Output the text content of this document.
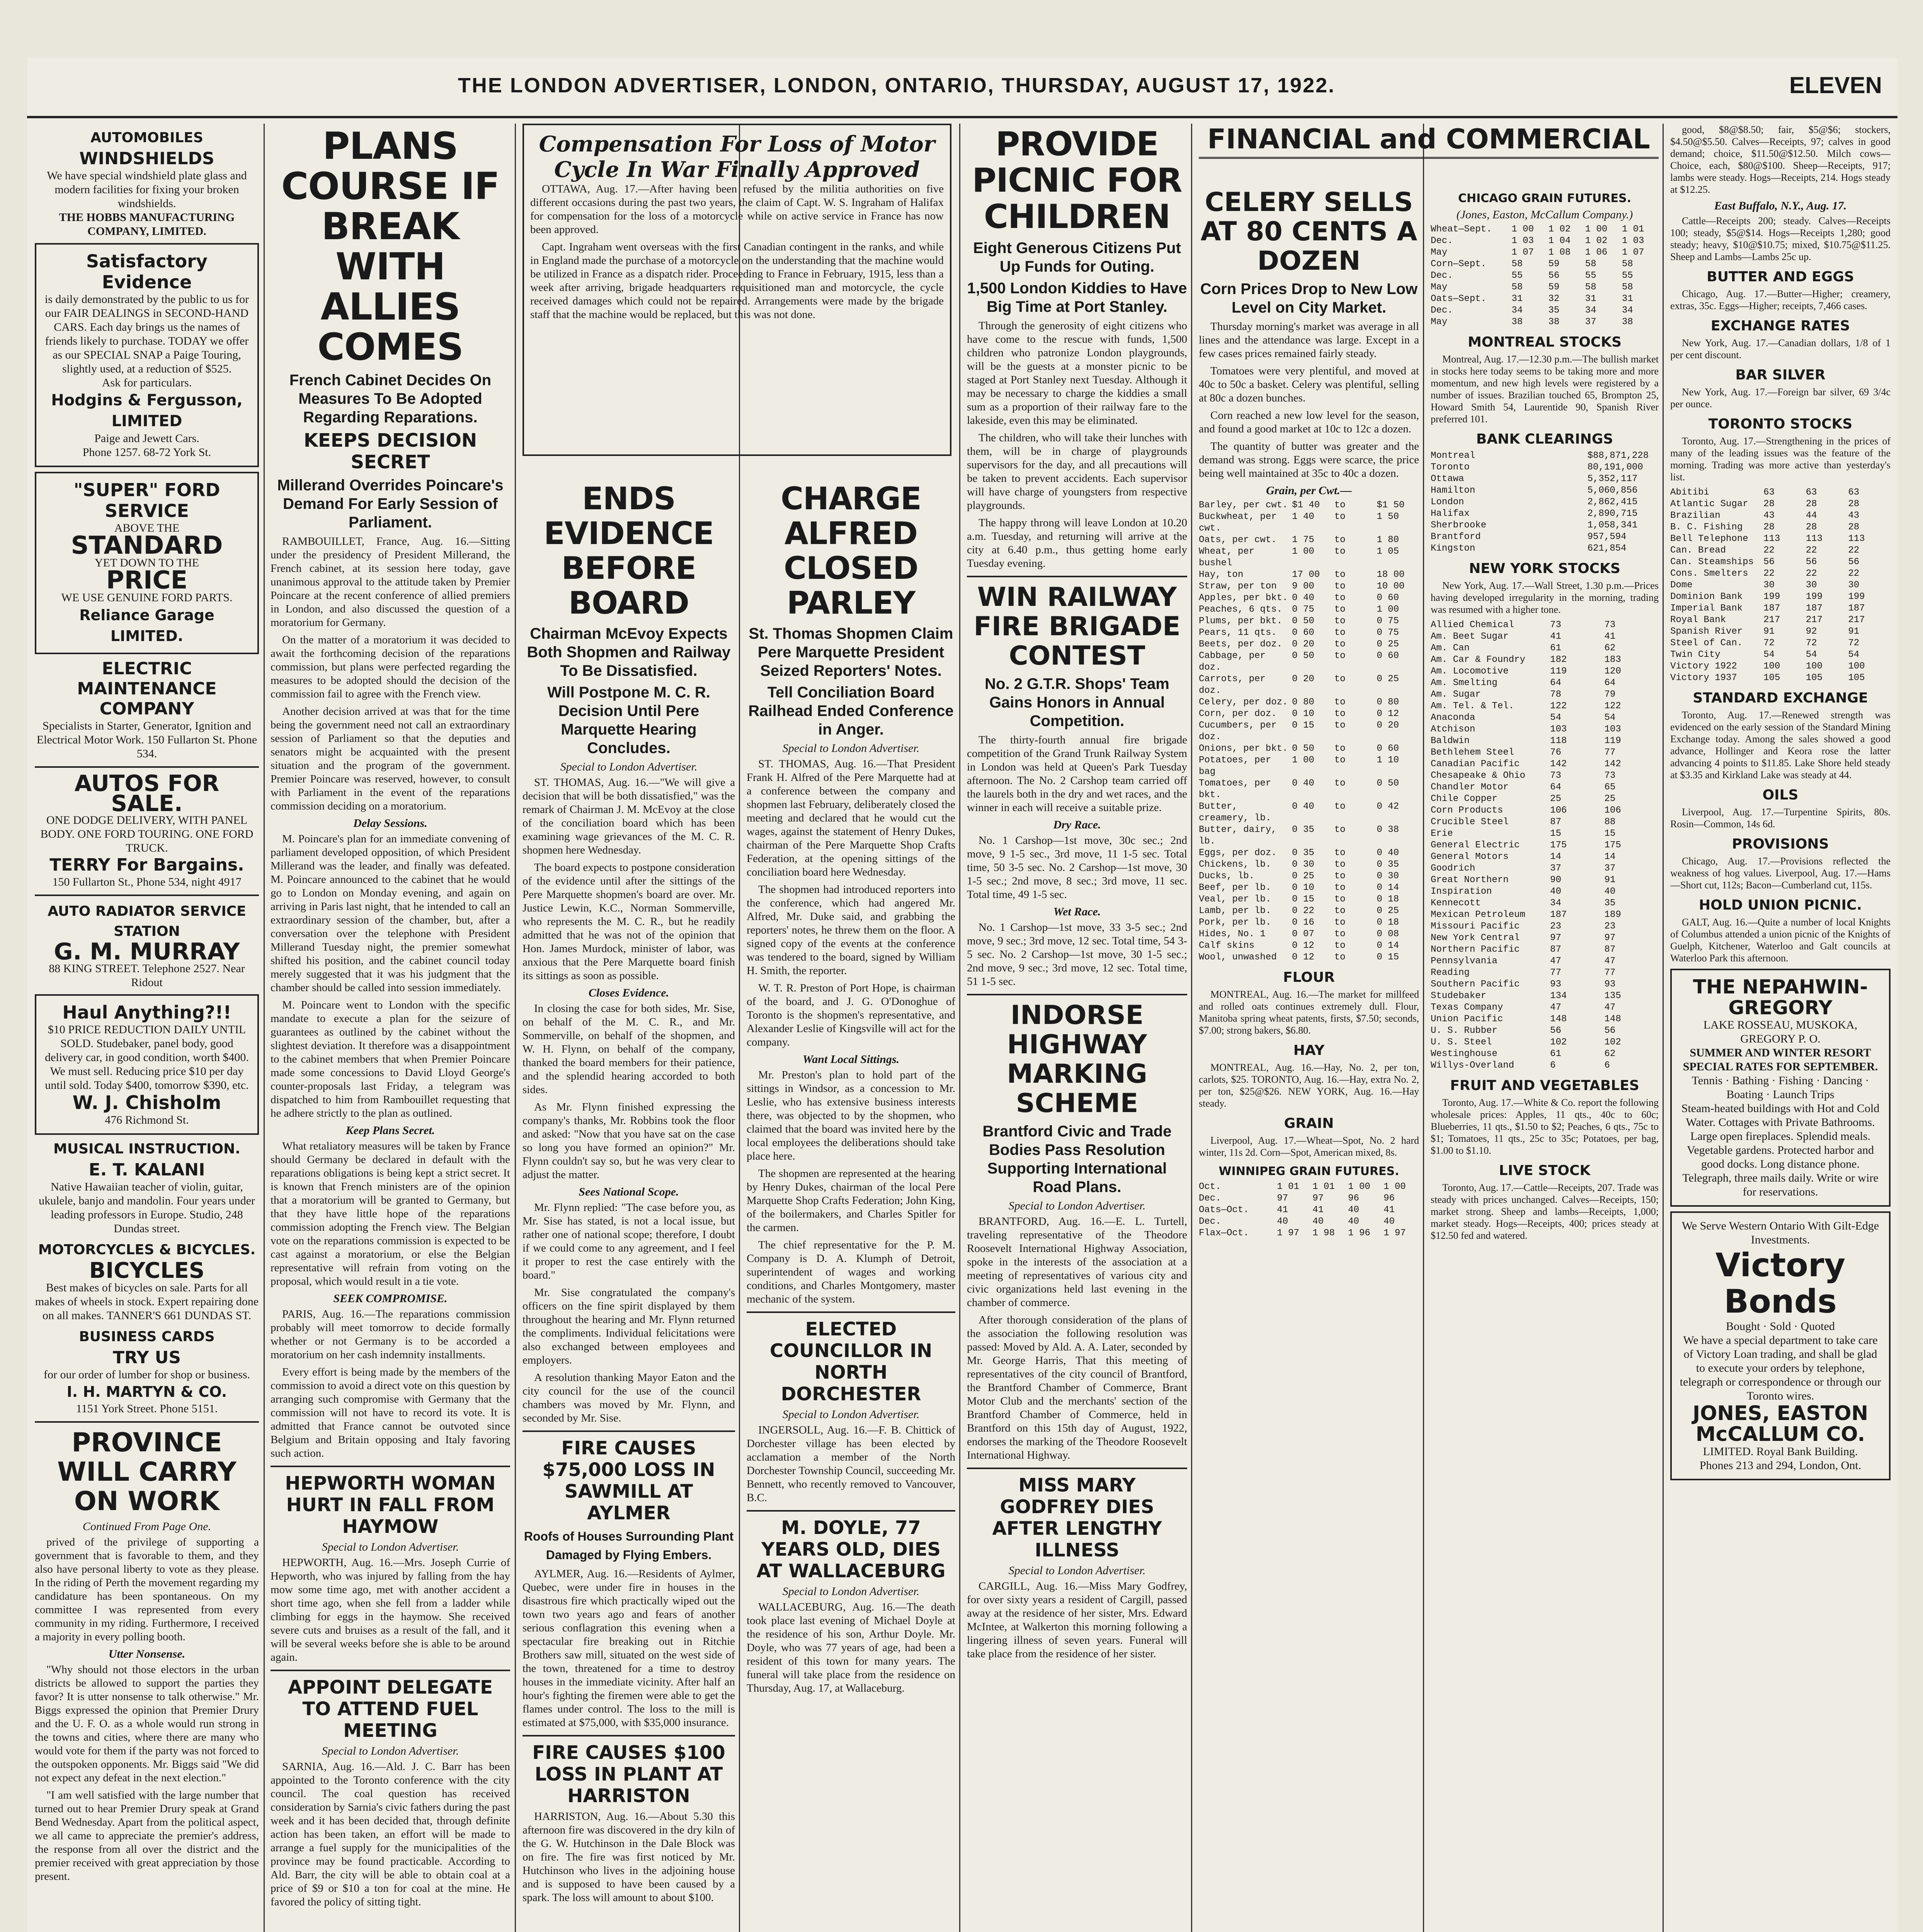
THE LONDON ADVERTISER, LONDON, ONTARIO, THURSDAY, AUGUST 17, 1922.	ELEVEN
AUTOMOBILES
WINDSHIELDS
We have special windshield plate glass and modern facilities for fixing your broken windshields.
THE HOBBS MANUFACTURING COMPANY, LIMITED.
Satisfactory Evidence
is daily demonstrated by the public to us for our FAIR DEALINGS in SECOND-HAND CARS. Each day brings us the names of friends likely to purchase. TODAY we offer as our SPECIAL SNAP a Paige Touring, slightly used, at a reduction of $525.
Ask for particulars.
Hodgins & Fergusson, LIMITED
Paige and Jewett Cars.
Phone 1257. 68-72 York St.
"SUPER" FORD SERVICE
ABOVE THE
STANDARD
YET DOWN TO THE
PRICE
WE USE GENUINE FORD PARTS.
Reliance Garage LIMITED.
ELECTRIC MAINTENANCE COMPANY
Specialists in Starter, Generator, Ignition and Electrical Motor Work. 150 Fullarton St. Phone 534.
AUTOS FOR SALE.
ONE DODGE DELIVERY, WITH PANEL BODY. ONE FORD TOURING. ONE FORD TRUCK.
TERRY For Bargains.
150 Fullarton St., Phone 534, night 4917
AUTO RADIATOR SERVICE STATION
G. M. MURRAY
88 KING STREET. Telephone 2527. Near Ridout
Haul Anything?!!
$10 PRICE REDUCTION DAILY UNTIL SOLD. Studebaker, panel body, good delivery car, in good condition, worth $400. We must sell. Reducing price $10 per day until sold. Today $400, tomorrow $390, etc.
W. J. Chisholm
476 Richmond St.
MUSICAL INSTRUCTION.
E. T. KALANI
Native Hawaiian teacher of violin, guitar, ukulele, banjo and mandolin. Four years under leading professors in Europe. Studio, 248 Dundas street.
MOTORCYCLES & BICYCLES.
BICYCLES
Best makes of bicycles on sale. Parts for all makes of wheels in stock. Expert repairing done on all makes. TANNER'S 661 DUNDAS ST.
BUSINESS CARDS
TRY US
for our order of lumber for shop or business.
I. H. MARTYN & CO.
1151 York Street. Phone 5151.
PROVINCE WILL CARRY ON WORK
Continued From Page One.

prived of the privilege of supporting a government that is favorable to them, and they also have personal liberty to vote as they please. In the riding of Perth the movement regarding my candidature has been spontaneous. On my committee I was represented from every community in my riding. Furthermore, I received a majority in every polling booth.

Utter Nonsense.

"Why should not those electors in the urban districts be allowed to support the parties they favor? It is utter nonsense to talk otherwise." Mr. Biggs expressed the opinion that Premier Drury and the U. F. O. as a whole would run strong in the towns and cities, where there are many who would vote for them if the party was not forced to the outspoken opponents. Mr. Biggs said "We did not expect any defeat in the next election."

"I am well satisfied with the large number that turned out to hear Premier Drury speak at Grand Bend Wednesday. Apart from the political aspect, we all came to appreciate the premier's address, the response from all over the district and the premier received with great appreciation by those present.

PLANS COURSE IF BREAK WITH ALLIES COMES
French Cabinet Decides On Measures To Be Adopted Regarding Reparations.
KEEPS DECISION SECRET
Millerand Overrides Poincare's Demand For Early Session of Parliament.

RAMBOUILLET, France, Aug. 16.—Sitting under the presidency of President Millerand, the French cabinet, at its session here today, gave unanimous approval to the attitude taken by Premier Poincare at the recent conference of allied premiers in London, and also discussed the question of a moratorium for Germany.

On the matter of a moratorium it was decided to await the forthcoming decision of the reparations commission, but plans were perfected regarding the measures to be adopted should the decision of the commission fail to agree with the French view.

Another decision arrived at was that for the time being the government need not call an extraordinary session of Parliament so that the deputies and senators might be acquainted with the present situation and the program of the government. Premier Poincare was reserved, however, to consult with Parliament in the event of the reparations commission deciding on a moratorium.

Delay Sessions.

M. Poincare's plan for an immediate convening of parliament developed opposition, of which President Millerand was the leader, and finally was defeated. M. Poincare announced to the cabinet that he would go to London on Monday evening, and again on arriving in Paris last night, that he intended to call an extraordinary session of the chamber, but, after a conversation over the telephone with President Millerand Tuesday night, the premier somewhat shifted his position, and the cabinet council today merely suggested that it was his judgment that the chamber should be called into session immediately.

M. Poincare went to London with the specific mandate to execute a plan for the seizure of guarantees as outlined by the cabinet without the slightest deviation. It therefore was a disappointment to the cabinet members that when Premier Poincare made some concessions to David Lloyd George's counter-proposals last Friday, a telegram was dispatched to him from Rambouillet requesting that he adhere strictly to the plan as outlined.

Keep Plans Secret.

What retaliatory measures will be taken by France should Germany be declared in default with the reparations obligations is being kept a strict secret. It is known that French ministers are of the opinion that a moratorium will be granted to Germany, but that they have little hope of the reparations commission adopting the French view. The Belgian vote on the reparations commission is expected to be cast against a moratorium, or else the Belgian representative will refrain from voting on the proposal, which would result in a tie vote.

SEEK COMPROMISE.

PARIS, Aug. 16.—The reparations commission probably will meet tomorrow to decide formally whether or not Germany is to be accorded a moratorium on her cash indemnity installments.

Every effort is being made by the members of the commission to avoid a direct vote on this question by arranging such compromise with Germany that the commission will not have to record its vote. It is admitted that France cannot be outvoted since Belgium and Britain opposing and Italy favoring such action.

HEPWORTH WOMAN HURT IN FALL FROM HAYMOW
Special to London Advertiser.

HEPWORTH, Aug. 16.—Mrs. Joseph Currie of Hepworth, who was injured by falling from the hay mow some time ago, met with another accident a short time ago, when she fell from a ladder while climbing for eggs in the haymow. She received severe cuts and bruises as a result of the fall, and it will be several weeks before she is able to be around again.

APPOINT DELEGATE TO ATTEND FUEL MEETING
Special to London Advertiser.

SARNIA, Aug. 16.—Ald. J. C. Barr has been appointed to the Toronto conference with the city council. The coal question has received consideration by Sarnia's civic fathers during the past week and it has been decided that, through definite action has been taken, an effort will be made to arrange a fuel supply for the municipalities of the province may be found practicable. According to Ald. Barr, the city will be able to obtain coal at a price of $9 or $10 a ton for coal at the mine. He favored the policy of sitting tight.

Compensation For Loss of Motor Cycle In War Finally Approved

OTTAWA, Aug. 17.—After having been refused by the militia authorities on five different occasions during the past two years, the claim of Capt. W. S. Ingraham of Halifax for compensation for the loss of a motorcycle while on active service in France has now been approved.

Capt. Ingraham went overseas with the first Canadian contingent in the ranks, and while in England made the purchase of a motorcycle on the understanding that the machine would be utilized in France as a dispatch rider. Proceeding to France in February, 1915, less than a week after arriving, brigade headquarters requisitioned man and motorcycle, the cycle received damages which could not be repaired. Arrangements were made by the brigade staff that the machine would be replaced, but this was not done.

ENDS EVIDENCE BEFORE BOARD
Chairman McEvoy Expects Both Shopmen and Railway To Be Dissatisfied.
Will Postpone M. C. R. Decision Until Pere Marquette Hearing Concludes.
Special to London Advertiser.

ST. THOMAS, Aug. 16.—"We will give a decision that will be both dissatisfied," was the remark of Chairman J. M. McEvoy at the close of the conciliation board which has been examining wage grievances of the M. C. R. shopmen here Wednesday.

The board expects to postpone consideration of the evidence until after the sittings of the Pere Marquette shopmen's board are over. Mr. Justice Lewin, K.C., Norman Sommerville, who represents the M. C. R., but he readily admitted that he was not of the opinion that Hon. James Murdock, minister of labor, was anxious that the Pere Marquette board finish its sittings as soon as possible.

Closes Evidence.

In closing the case for both sides, Mr. Sise, on behalf of the M. C. R., and Mr. Sommerville, on behalf of the shopmen, and W. H. Flynn, on behalf of the company, thanked the board members for their patience, and the splendid hearing accorded to both sides.

As Mr. Flynn finished expressing the company's thanks, Mr. Robbins took the floor and asked: "Now that you have sat on the case so long you have formed an opinion?" Mr. Flynn couldn't say so, but he was very clear to adjust the matter.

Sees National Scope.

Mr. Flynn replied: "The case before you, as Mr. Sise has stated, is not a local issue, but rather one of national scope; therefore, I doubt if we could come to any agreement, and I feel it proper to rest the case entirely with the board."

Mr. Sise congratulated the company's officers on the fine spirit displayed by them throughout the hearing and Mr. Flynn returned the compliments. Individual felicitations were also exchanged between employees and employers.

A resolution thanking Mayor Eaton and the city council for the use of the council chambers was moved by Mr. Flynn, and seconded by Mr. Sise.

FIRE CAUSES $75,000 LOSS IN SAWMILL AT AYLMER
Roofs of Houses Surrounding Plant Damaged by Flying Embers.

AYLMER, Aug. 16.—Residents of Aylmer, Quebec, were under fire in houses in the disastrous fire which practically wiped out the town two years ago and fears of another serious conflagration this evening when a spectacular fire breaking out in Ritchie Brothers saw mill, situated on the west side of the town, threatened for a time to destroy houses in the immediate vicinity. After half an hour's fighting the firemen were able to get the flames under control. The loss to the mill is estimated at $75,000, with $35,000 insurance.

FIRE CAUSES $100 LOSS IN PLANT AT HARRISTON

HARRISTON, Aug. 16.—About 5.30 this afternoon fire was discovered in the dry kiln of the G. W. Hutchinson in the Dale Block was on fire. The fire was first noticed by Mr. Hutchinson who lives in the adjoining house and is supposed to have been caused by a spark. The loss will amount to about $100.

CHARGE ALFRED CLOSED PARLEY
St. Thomas Shopmen Claim Pere Marquette President Seized Reporters' Notes.
Tell Conciliation Board Railhead Ended Conference in Anger.
Special to London Advertiser.

ST. THOMAS, Aug. 16.—That President Frank H. Alfred of the Pere Marquette had at a conference between the company and shopmen last February, deliberately closed the meeting and declared that he would cut the wages, against the statement of Henry Dukes, chairman of the Pere Marquette Shop Crafts Federation, at the opening sittings of the conciliation board here Wednesday.

The shopmen had introduced reporters into the conference, which had angered Mr. Alfred, Mr. Duke said, and grabbing the reporters' notes, he threw them on the floor. A signed copy of the events at the conference was tendered to the board, signed by William H. Smith, the reporter.

W. T. R. Preston of Port Hope, is chairman of the board, and J. G. O'Donoghue of Toronto is the shopmen's representative, and Alexander Leslie of Kingsville will act for the company.

Want Local Sittings.

Mr. Preston's plan to hold part of the sittings in Windsor, as a concession to Mr. Leslie, who has extensive business interests there, was objected to by the shopmen, who claimed that the board was invited here by the local employees the deliberations should take place here.

The shopmen are represented at the hearing by Henry Dukes, chairman of the local Pere Marquette Shop Crafts Federation; John King, of the boilermakers, and Charles Spitler for the carmen.

The chief representative for the P. M. Company is D. A. Klumph of Detroit, superintendent of wages and working conditions, and Charles Montgomery, master mechanic of the system.

ELECTED COUNCILLOR IN NORTH DORCHESTER
Special to London Advertiser.

INGERSOLL, Aug. 16.—F. B. Chittick of Dorchester village has been elected by acclamation a member of the North Dorchester Township Council, succeeding Mr. Bennett, who recently removed to Vancouver, B.C.

M. DOYLE, 77 YEARS OLD, DIES AT WALLACEBURG
Special to London Advertiser.

WALLACEBURG, Aug. 16.—The death took place last evening of Michael Doyle at the residence of his son, Arthur Doyle. Mr. Doyle, who was 77 years of age, had been a resident of this town for many years. The funeral will take place from the residence on Thursday, Aug. 17, at Wallaceburg.

PROVIDE PICNIC FOR CHILDREN
Eight Generous Citizens Put Up Funds for Outing.
1,500 London Kiddies to Have Big Time at Port Stanley.

Through the generosity of eight citizens who have come to the rescue with funds, 1,500 children who patronize London playgrounds, will be the guests at a monster picnic to be staged at Port Stanley next Tuesday. Although it may be necessary to charge the kiddies a small sum as a proportion of their railway fare to the lakeside, even this may be eliminated.

The children, who will take their lunches with them, will be in charge of playgrounds supervisors for the day, and all precautions will be taken to prevent accidents. Each supervisor will have charge of youngsters from respective playgrounds.

The happy throng will leave London at 10.20 a.m. Tuesday, and returning will arrive at the city at 6.40 p.m., thus getting home early Tuesday evening.

WIN RAILWAY FIRE BRIGADE CONTEST
No. 2 G.T.R. Shops' Team Gains Honors in Annual Competition.

The thirty-fourth annual fire brigade competition of the Grand Trunk Railway System in London was held at Queen's Park Tuesday afternoon. The No. 2 Carshop team carried off the laurels both in the dry and wet races, and the winner in each will receive a suitable prize.

Dry Race.

No. 1 Carshop—1st move, 30c sec.; 2nd move, 9 1-5 sec., 3rd move, 11 1-5 sec. Total time, 50 3-5 sec. No. 2 Carshop—1st move, 30 1-5 sec.; 2nd move, 8 sec.; 3rd move, 11 sec. Total time, 49 1-5 sec.

Wet Race.

No. 1 Carshop—1st move, 33 3-5 sec.; 2nd move, 9 sec.; 3rd move, 12 sec. Total time, 54 3-5 sec. No. 2 Carshop—1st move, 30 1-5 sec.; 2nd move, 9 sec.; 3rd move, 12 sec. Total time, 51 1-5 sec.

INDORSE HIGHWAY MARKING SCHEME
Brantford Civic and Trade Bodies Pass Resolution Supporting International Road Plans.
Special to London Advertiser.

BRANTFORD, Aug. 16.—E. L. Turtell, traveling representative of the Theodore Roosevelt International Highway Association, spoke in the interests of the association at a meeting of representatives of various city and civic organizations held last evening in the chamber of commerce.

After thorough consideration of the plans of the association the following resolution was passed: Moved by Ald. A. A. Later, seconded by Mr. George Harris, That this meeting of representatives of the city council of Brantford, the Brantford Chamber of Commerce, Brant Motor Club and the merchants' section of the Brantford Chamber of Commerce, held in Brantford on this 15th day of August, 1922, endorses the marking of the Theodore Roosevelt International Highway.

MISS MARY GODFREY DIES AFTER LENGTHY ILLNESS
Special to London Advertiser.

CARGILL, Aug. 16.—Miss Mary Godfrey, for over sixty years a resident of Cargill, passed away at the residence of her sister, Mrs. Edward McIntee, at Walkerton this morning following a lingering illness of seven years. Funeral will take place from the residence of her sister.

FINANCIAL and COMMERCIAL
CELERY SELLS AT 80 CENTS A DOZEN
Corn Prices Drop to New Low Level on City Market.

Thursday morning's market was average in all lines and the attendance was large. Except in a few cases prices remained fairly steady.

Tomatoes were very plentiful, and moved at 40c to 50c a basket. Celery was plentiful, selling at 80c a dozen bunches.

Corn reached a new low level for the season, and found a good market at 10c to 12c a dozen.

The quantity of butter was greater and the demand was strong. Eggs were scarce, the price being well maintained at 35c to 40c a dozen.

Grain, per Cwt.—
Barley, per cwt. $1 40	to	$1 50
Buckwheat, per cwt.
1 40	to	1 50
Oats, per cwt.	1 75	to	1 80
Wheat, per bushel
1 00	to	1 05
Hay, ton	17 00	to	18 00
Straw, per ton	9 00	to	10 00
Apples, per bkt. 0 40	to	0 60
Peaches, 6 qts.	0 75	to	1 00
Plums, per bkt.	0 50	to	0 75
Pears, 11 qts.	0 60	to	0 75
Beets, per doz.	0 20	to	0 25
Cabbage, per doz.
0 50	to	0 60
Carrots, per doz.
0 20	to	0 25
Celery, per doz. 0 80	to	0 80
Corn, per doz.	0 10	to	0 12
Cucumbers, per doz.
0 15	to	0 20
Onions, per bkt. 0 50	to	0 60
Potatoes, per bag
1 00	to	1 10
Tomatoes, per bkt.
0 40	to	0 50
Butter, creamery, lb.
0 40	to	0 42
Butter, dairy, lb.
0 35	to	0 38
Eggs, per doz.	0 35	to	0 40
Chickens, lb.	0 30	to	0 35
Ducks, lb.	0 25	to	0 30
Beef, per lb.	0 10	to	0 14
Veal, per lb.	0 15	to	0 18
Lamb, per lb.	0 22	to	0 25
Pork, per lb.	0 16	to	0 18
Hides, No. 1	0 07	to	0 08
Calf skins	0 12	to	0 14
Wool, unwashed	0 12	to	0 15
FLOUR

MONTREAL, Aug. 16.—The market for millfeed and rolled oats continues extremely dull. Flour, Manitoba spring wheat patents, firsts, $7.50; seconds, $7.00; strong bakers, $6.80.

HAY

MONTREAL, Aug. 16.—Hay, No. 2, per ton, carlots, $25. TORONTO, Aug. 16.—Hay, extra No. 2, per ton, $25@$26. NEW YORK, Aug. 16.—Hay steady.

GRAIN

Liverpool, Aug. 17.—Wheat—Spot, No. 2 hard winter, 11s 2d. Corn—Spot, American mixed, 8s.

WINNIPEG GRAIN FUTURES.
Oct.	1 01	1 01	1 00	1 00
Dec.	97	97	96	96
Oats—Oct.	41	41	40	41
Dec.	40	40	40	40
Flax—Oct.	1 97	1 98	1 96	1 97
CHICAGO GRAIN FUTURES.
(Jones, Easton, McCallum Company.)
Wheat—Sept.	1 00	1 02	1 00	1 01
Dec.	1 03	1 04	1 02	1 03
May	1 07	1 08	1 06	1 07
Corn—Sept.	58	59	58	58
Dec.	55	56	55	55
May	58	59	58	58
Oats—Sept.	31	32	31	31
Dec.	34	35	34	34
May	38	38	37	38
MONTREAL STOCKS

Montreal, Aug. 17.—12.30 p.m.—The bullish market in stocks here today seems to be taking more and more momentum, and new high levels were registered by a number of issues. Brazilian touched 65, Brompton 25, Howard Smith 54, Laurentide 90, Spanish River preferred 101.

BANK CLEARINGS
Montreal	$88,871,228
Toronto	80,191,000
Ottawa	5,352,117
Hamilton	5,060,856
London	2,862,415
Halifax	2,890,715
Sherbrooke	1,058,341
Brantford	957,594
Kingston	621,854
NEW YORK STOCKS

New York, Aug. 17.—Wall Street, 1.30 p.m.—Prices having developed irregularity in the morning, trading was resumed with a higher tone.

Allied Chemical	73	73
Am. Beet Sugar	41	41
Am. Can	61	62
Am. Car & Foundry	182	183
Am. Locomotive	119	120
Am. Smelting	64	64
Am. Sugar	78	79
Am. Tel. & Tel.	122	122
Anaconda	54	54
Atchison	103	103
Baldwin	118	119
Bethlehem Steel	76	77
Canadian Pacific	142	142
Chesapeake & Ohio	73	73
Chandler Motor	64	65
Chile Copper	25	25
Corn Products	106	106
Crucible Steel	87	88
Erie	15	15
General Electric	175	175
General Motors	14	14
Goodrich	37	37
Great Northern	90	91
Inspiration	40	40
Kennecott	34	35
Mexican Petroleum	187	189
Missouri Pacific	23	23
New York Central	97	97
Northern Pacific	87	87
Pennsylvania	47	47
Reading	77	77
Southern Pacific	93	93
Studebaker	134	135
Texas Company	47	47
Union Pacific	148	148
U. S. Rubber	56	56
U. S. Steel	102	102
Westinghouse	61	62
Willys-Overland	6	6
FRUIT AND VEGETABLES

Toronto, Aug. 17.—White & Co. report the following wholesale prices: Apples, 11 qts., 40c to 60c; Blueberries, 11 qts., $1.50 to $2; Peaches, 6 qts., 75c to $1; Tomatoes, 11 qts., 25c to 35c; Potatoes, per bag, $1.00 to $1.10.

LIVE STOCK

Toronto, Aug. 17.—Cattle—Receipts, 207. Trade was steady with prices unchanged. Calves—Receipts, 150; market strong. Sheep and lambs—Receipts, 1,000; market steady. Hogs—Receipts, 400; prices steady at $12.50 fed and watered.

good, $8@$8.50; fair, $5@$6; stockers, $4.50@$5.50. Calves—Receipts, 97; calves in good demand; choice, $11.50@$12.50. Milch cows—Choice, each, $80@$100. Sheep—Receipts, 917; lambs were steady. Hogs—Receipts, 214. Hogs steady at $12.25.

East Buffalo, N.Y., Aug. 17.

Cattle—Receipts 200; steady. Calves—Receipts 100; steady, $5@$14. Hogs—Receipts 1,280; good steady; heavy, $10@$10.75; mixed, $10.75@$11.25. Sheep and Lambs—Lambs 25c up.

BUTTER AND EGGS

Chicago, Aug. 17.—Butter—Higher; creamery, extras, 35c. Eggs—Higher; receipts, 7,466 cases.

EXCHANGE RATES

New York, Aug. 17.—Canadian dollars, 1/8 of 1 per cent discount.

BAR SILVER

New York, Aug. 17.—Foreign bar silver, 69 3/4c per ounce.

TORONTO STOCKS

Toronto, Aug. 17.—Strengthening in the prices of many of the leading issues was the feature of the morning. Trading was more active than yesterday's list.

Abitibi	63	63	63
Atlantic Sugar	28	28	28
Brazilian	43	44	43
B. C. Fishing	28	28	28
Bell Telephone	113	113	113
Can. Bread	22	22	22
Can. Steamships	56	56	56
Cons. Smelters	22	22	22
Dome	30	30	30
Dominion Bank	199	199	199
Imperial Bank	187	187	187
Royal Bank	217	217	217
Spanish River	91	92	91
Steel of Can.	72	72	72
Twin City	54	54	54
Victory 1922	100	100	100
Victory 1937	105	105	105
STANDARD EXCHANGE

Toronto, Aug. 17.—Renewed strength was evidenced on the early session of the Standard Mining Exchange today. Among the sales showed a good advance, Hollinger and Keora rose the latter advancing 4 points to $11.85. Lake Shore held steady at $3.35 and Kirkland Lake was steady at 44.

OILS

Liverpool, Aug. 17.—Turpentine Spirits, 80s. Rosin—Common, 14s 6d.

PROVISIONS

Chicago, Aug. 17.—Provisions reflected the weakness of hog values. Liverpool, Aug. 17.—Hams—Short cut, 112s; Bacon—Cumberland cut, 115s.

HOLD UNION PICNIC.

GALT, Aug. 16.—Quite a number of local Knights of Columbus attended a union picnic of the Knights of Guelph, Kitchener, Waterloo and Galt councils at Waterloo Park this afternoon.

THE NEPAHWIN-GREGORY
LAKE ROSSEAU, MUSKOKA, GREGORY P. O.
SUMMER AND WINTER RESORT
SPECIAL RATES FOR SEPTEMBER.
Tennis · Bathing · Fishing · Dancing · Boating · Launch Trips
Steam-heated buildings with Hot and Cold Water. Cottages with Private Bathrooms. Large open fireplaces. Splendid meals. Vegetable gardens. Protected harbor and good docks. Long distance phone. Telegraph, three mails daily. Write or wire for reservations.
We Serve Western Ontario With Gilt-Edge Investments.
Victory Bonds
Bought · Sold · Quoted
We have a special department to take care of Victory Loan trading, and shall be glad to execute your orders by telephone, telegraph or correspondence or through our Toronto wires.
JONES, EASTON McCALLUM CO.
LIMITED. Royal Bank Building.
Phones 213 and 294, London, Ont.
